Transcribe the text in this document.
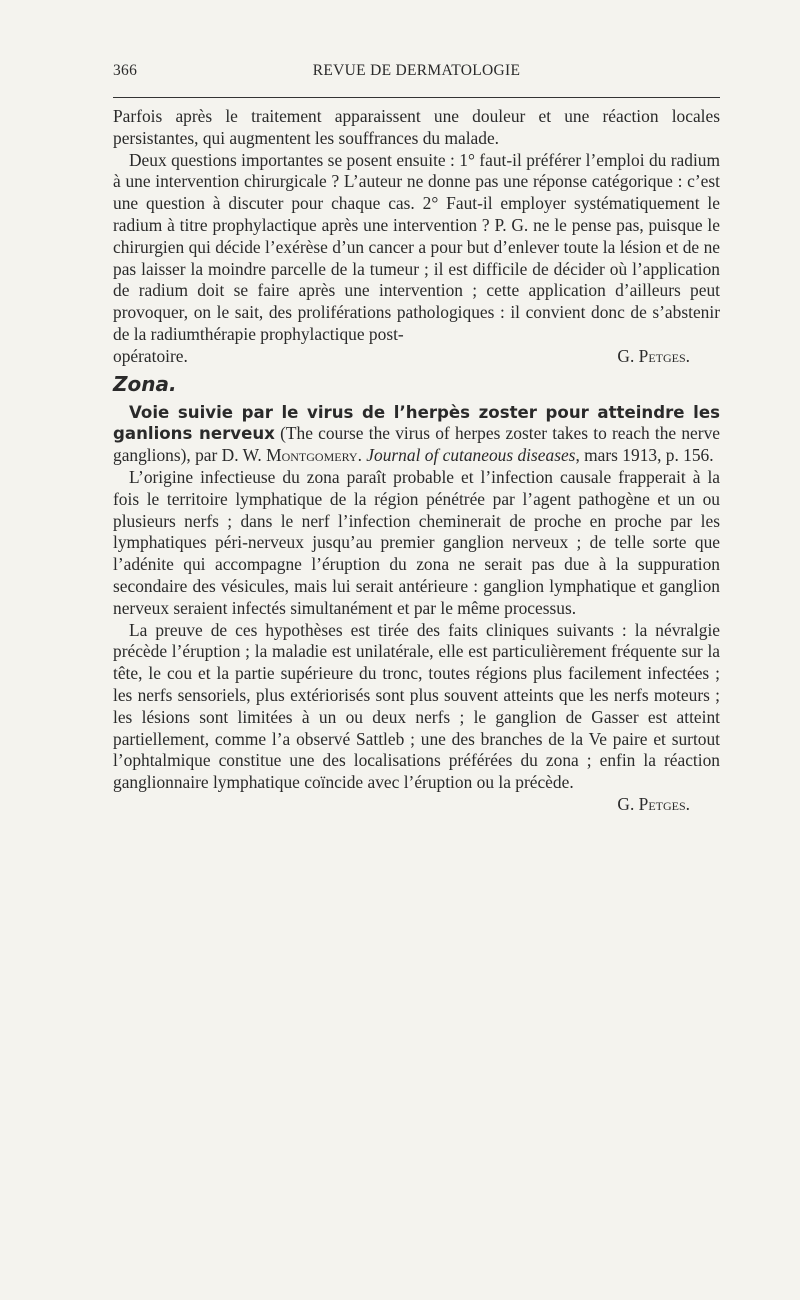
366	REVUE DE DERMATOLOGIE

Parfois après le traitement apparaissent une douleur et une réaction locales persistantes, qui augmentent les souffrances du malade.

Deux questions importantes se posent ensuite : 1° faut-il préférer l’emploi du radium à une intervention chirurgicale ? L’auteur ne donne pas une réponse catégorique : c’est une question à discuter pour chaque cas. 2° Faut-il employer systématiquement le radium à titre prophylactique après une intervention ? P. G. ne le pense pas, puisque le chirurgien qui décide l’exérèse d’un cancer a pour but d’enlever toute la lésion et de ne pas laisser la moindre parcelle de la tumeur ; il est difficile de décider où l’application de radium doit se faire après une intervention ; cette application d’ailleurs peut provoquer, on le sait, des proliférations pathologiques : il convient donc de s’abstenir de la radiumthérapie prophylactique post-

opératoire.	G. Petges.

Zona.

Voie suivie par le virus de l’herpès zoster pour atteindre les ganlions nerveux (The course the virus of herpes zoster takes to reach the nerve ganglions), par D. W. Montgomery. Journal of cutaneous diseases, mars 1913, p. 156.

L’origine infectieuse du zona paraît probable et l’infection causale frapperait à la fois le territoire lymphatique de la région pénétrée par l’agent pathogène et un ou plusieurs nerfs ; dans le nerf l’infection cheminerait de proche en proche par les lymphatiques péri-nerveux jusqu’au premier ganglion nerveux ; de telle sorte que l’adénite qui accompagne l’éruption du zona ne serait pas due à la suppuration secondaire des vésicules, mais lui serait antérieure : ganglion lymphatique et ganglion nerveux seraient infectés simultanément et par le même processus.

La preuve de ces hypothèses est tirée des faits cliniques suivants : la névralgie précède l’éruption ; la maladie est unilatérale, elle est particulièrement fréquente sur la tête, le cou et la partie supérieure du tronc, toutes régions plus facilement infectées ; les nerfs sensoriels, plus extériorisés sont plus souvent atteints que les nerfs moteurs ; les lésions sont limitées à un ou deux nerfs ; le ganglion de Gasser est atteint partiellement, comme l’a observé Sattleb ; une des branches de la Ve paire et surtout l’ophtalmique constitue une des localisations préférées du zona ; enfin la réaction ganglionnaire lymphatique coïncide avec l’éruption ou la précède.

G. Petges.
